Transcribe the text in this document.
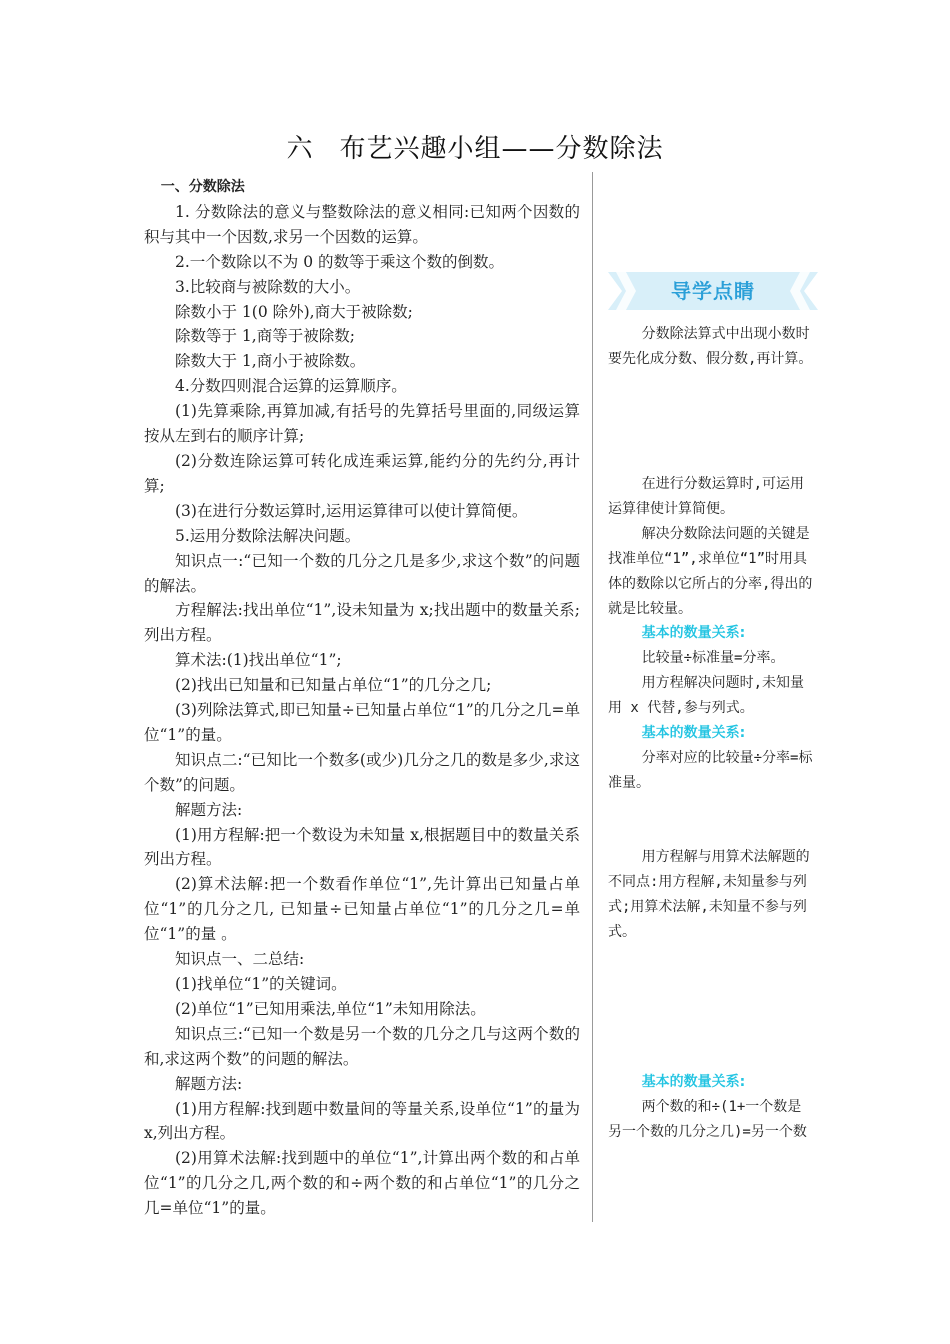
六 布艺兴趣小组——分数除法

一、分数除法

1. 分数除法的意义与整数除法的意义相同:已知两个因数的积与其中一个因数,求另一个因数的运算。

2.一个数除以不为 0 的数等于乘这个数的倒数。

3.比较商与被除数的大小。

除数小于 1(0 除外),商大于被除数;

除数等于 1,商等于被除数;

除数大于 1,商小于被除数。

4.分数四则混合运算的运算顺序。

(1)先算乘除,再算加减,有括号的先算括号里面的,同级运算按从左到右的顺序计算;

(2)分数连除运算可转化成连乘运算,能约分的先约分,再计算;

(3)在进行分数运算时,运用运算律可以使计算简便。

5.运用分数除法解决问题。

知识点一:“已知一个数的几分之几是多少,求这个数”的问题的解法。

方程解法:找出单位“1”,设未知量为 x;找出题中的数量关系;列出方程。

算术法:(1)找出单位“1”;

(2)找出已知量和已知量占单位“1”的几分之几;

(3)列除法算式,即已知量÷已知量占单位“1”的几分之几=单位“1”的量。

知识点二:“已知比一个数多(或少)几分之几的数是多少,求这个数”的问题。

解题方法:

(1)用方程解:把一个数设为未知量 x,根据题目中的数量关系列出方程。

(2)算术法解:把一个数看作单位“1”,先计算出已知量占单位“1”的几分之几, 已知量÷已知量占单位“1”的几分之几=单位“1”的量 。

知识点一、二总结:

(1)找单位“1”的关键词。

(2)单位“1”已知用乘法,单位“1”未知用除法。

知识点三:“已知一个数是另一个数的几分之几与这两个数的和,求这两个数”的问题的解法。

解题方法:

(1)用方程解:找到题中数量间的等量关系,设单位“1”的量为 x,列出方程。

(2)用算术法解:找到题中的单位“1”,计算出两个数的和占单位“1”的几分之几,两个数的和÷两个数的和占单位“1”的几分之几=单位“1”的量。

导学点睛

分数除法算式中出现小数时要先化成分数、假分数,再计算。

在进行分数运算时,可运用运算律使计算简便。

解决分数除法问题的关键是找准单位“1”,求单位“1”时用具体的数除以它所占的分率,得出的就是比较量。

基本的数量关系:

比较量÷标准量=分率。

用方程解决问题时,未知量用 x 代替,参与列式。

基本的数量关系:

分率对应的比较量÷分率=标准量。

用方程解与用算术法解题的不同点:用方程解,未知量参与列式;用算术法解,未知量不参与列式。

基本的数量关系:

两个数的和÷(1+一个数是另一个数的几分之几)=另一个数
